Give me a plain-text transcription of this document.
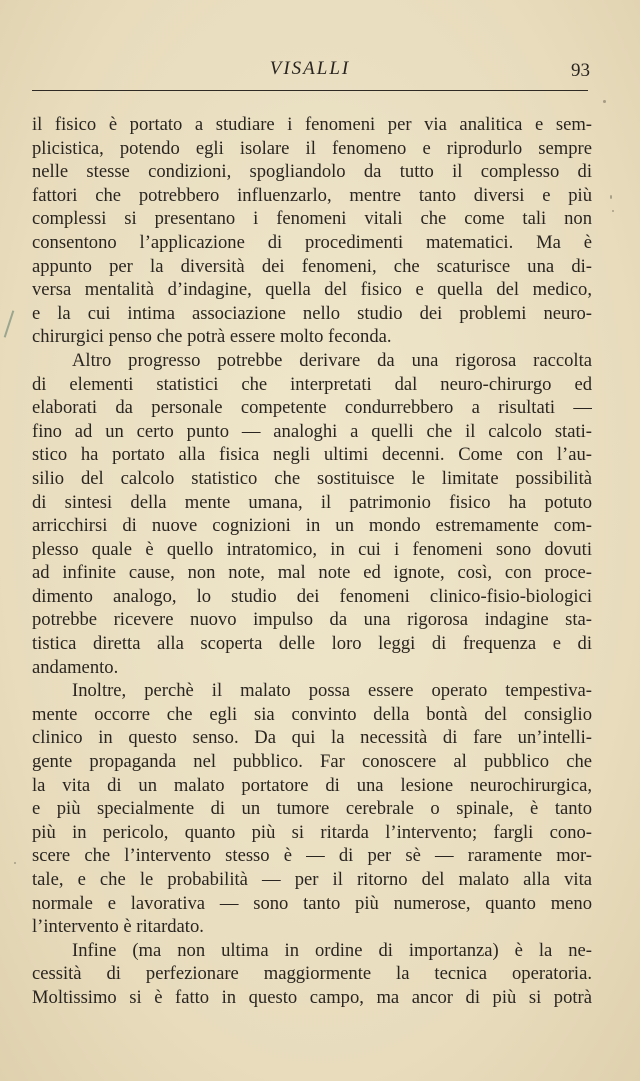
VISALLI	93
il fisico è portato a studiare i fenomeni per via analitica e sem-
plicistica, potendo egli isolare il fenomeno e riprodurlo sempre
nelle stesse condizioni, spogliandolo da tutto il complesso di
fattori che potrebbero influenzarlo, mentre tanto diversi e più
complessi si presentano i fenomeni vitali che come tali non
consentono l’applicazione di procedimenti matematici. Ma è
appunto per la diversità dei fenomeni, che scaturisce una di-
versa mentalità d’indagine, quella del fisico e quella del medico,
e la cui intima associazione nello studio dei problemi neuro-
chirurgici penso che potrà essere molto feconda.
Altro progresso potrebbe derivare da una rigorosa raccolta
di elementi statistici che interpretati dal neuro-chirurgo ed
elaborati da personale competente condurrebbero a risultati —
fino ad un certo punto — analoghi a quelli che il calcolo stati-
stico ha portato alla fisica negli ultimi decenni. Come con l’au-
silio del calcolo statistico che sostituisce le limitate possibilità
di sintesi della mente umana, il patrimonio fisico ha potuto
arricchirsi di nuove cognizioni in un mondo estremamente com-
plesso quale è quello intratomico, in cui i fenomeni sono dovuti
ad infinite cause, non note, mal note ed ignote, così, con proce-
dimento analogo, lo studio dei fenomeni clinico-fisio-biologici
potrebbe ricevere nuovo impulso da una rigorosa indagine sta-
tistica diretta alla scoperta delle loro leggi di frequenza e di
andamento.
Inoltre, perchè il malato possa essere operato tempestiva-
mente occorre che egli sia convinto della bontà del consiglio
clinico in questo senso. Da qui la necessità di fare un’intelli-
gente propaganda nel pubblico. Far conoscere al pubblico che
la vita di un malato portatore di una lesione neurochirurgica,
e più specialmente di un tumore cerebrale o spinale, è tanto
più in pericolo, quanto più si ritarda l’intervento; fargli cono-
scere che l’intervento stesso è — di per sè — raramente mor-
tale, e che le probabilità — per il ritorno del malato alla vita
normale e lavorativa — sono tanto più numerose, quanto meno
l’intervento è ritardato.
Infine (ma non ultima in ordine di importanza) è la ne-
cessità di perfezionare maggiormente la tecnica operatoria.
Moltissimo si è fatto in questo campo, ma ancor di più si potrà
